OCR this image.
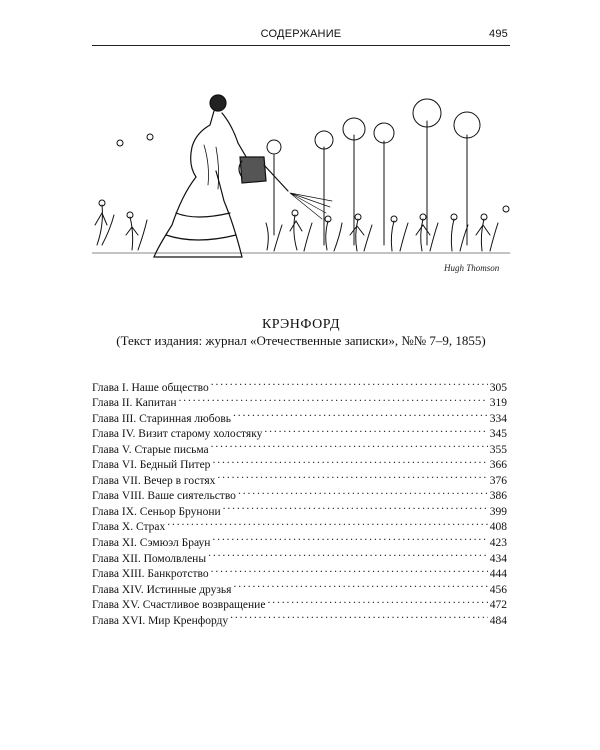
СОДЕРЖАНИЕ	495
Hugh Thomson
КРЭНФОРД
(Текст издания: журнал «Отечественные записки», №№ 7–9, 1855)
Глава I. Наше общество . . .	305
Глава II. Капитан . . .	319
Глава III. Старинная любовь . . .	334
Глава IV. Визит старому холостяку . . .	345
Глава V. Старые письма . . .	355
Глава VI. Бедный Питер . . .	366
Глава VII. Вечер в гостях . . .	376
Глава VIII. Ваше сиятельство . . .	386
Глава IX. Сеньор Брунони . . .	399
Глава X. Страх . . .	408
Глава XI. Сэмюэл Браун . . .	423
Глава XII. Помолвлены . . .	434
Глава XIII. Банкротство . . .	444
Глава XIV. Истинные друзья . . .	456
Глава XV. Счастливое возвращение . . .	472
Глава XVI. Мир Кренфорду . . .	484
